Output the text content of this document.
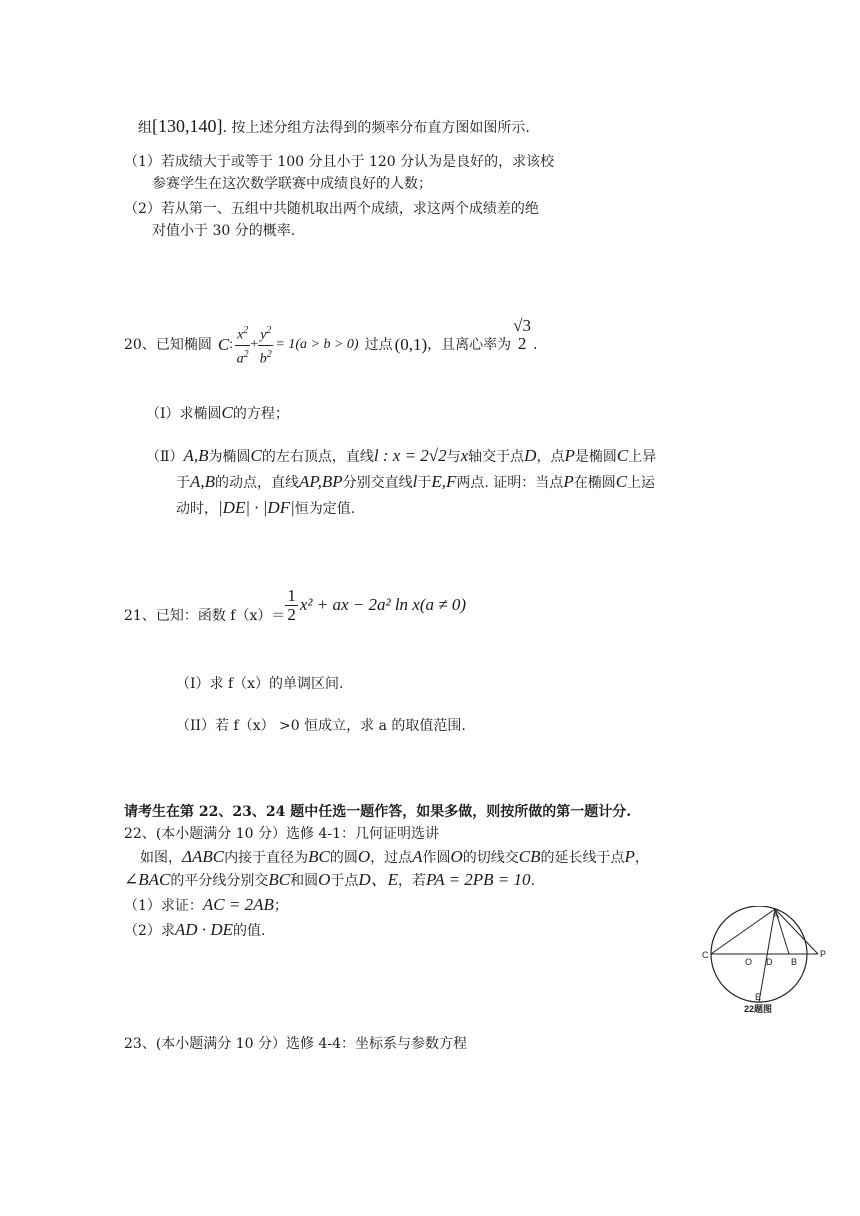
组[130,140]. 按上述分组方法得到的频率分布直方图如图所示.
（1）若成绩大于或等于 100 分且小于 120 分认为是良好的，求该校
参赛学生在这次数学联赛中成绩良好的人数；
（2）若从第一、五组中共随机取出两个成绩，求这两个成绩差的绝
对值小于 30 分的概率.
20、已知椭圆 C : $\frac{x^2}{a^2} + \frac{y^2}{b^2} = 1(a > b > 0)$ 过点 (0,1) ，且离心率为
√3
2 .
（Ⅰ）求椭圆C的方程；
（Ⅱ）A,B为椭圆C的左右顶点，直线l : x = 2√2与x轴交于点D，点P是椭圆C上异
于A,B的动点，直线AP,BP分别交直线l于E,F两点. 证明：当点P在椭圆C上运
动时，|DE| · |DF|恒为定值.
21、已知：函数 $f(x)= \frac{1}{2} x^2$ + ax − 2a² ln x(a ≠ 0)
（I）求 f（x）的单调区间.
（II）若 f（x） >0 恒成立，求 a 的取值范围.
请考生在第 22、23、24 题中任选一题作答，如果多做，则按所做的第一题计分.
22、(本小题满分 10 分）选修 4-1：几何证明选讲
如图，ΔABC内接于直径为BC的圆O，过点A作圆O的切线交CB的延长线于点P，
∠BAC的平分线分别交BC和圆O于点D、E，若PA = 2PB = 10.
（1）求证：AC = 2AB；
（2）求AD · DE的值.
A
C
O D B
P
E
22题图
23、(本小题满分 10 分）选修 4-4：坐标系与参数方程
